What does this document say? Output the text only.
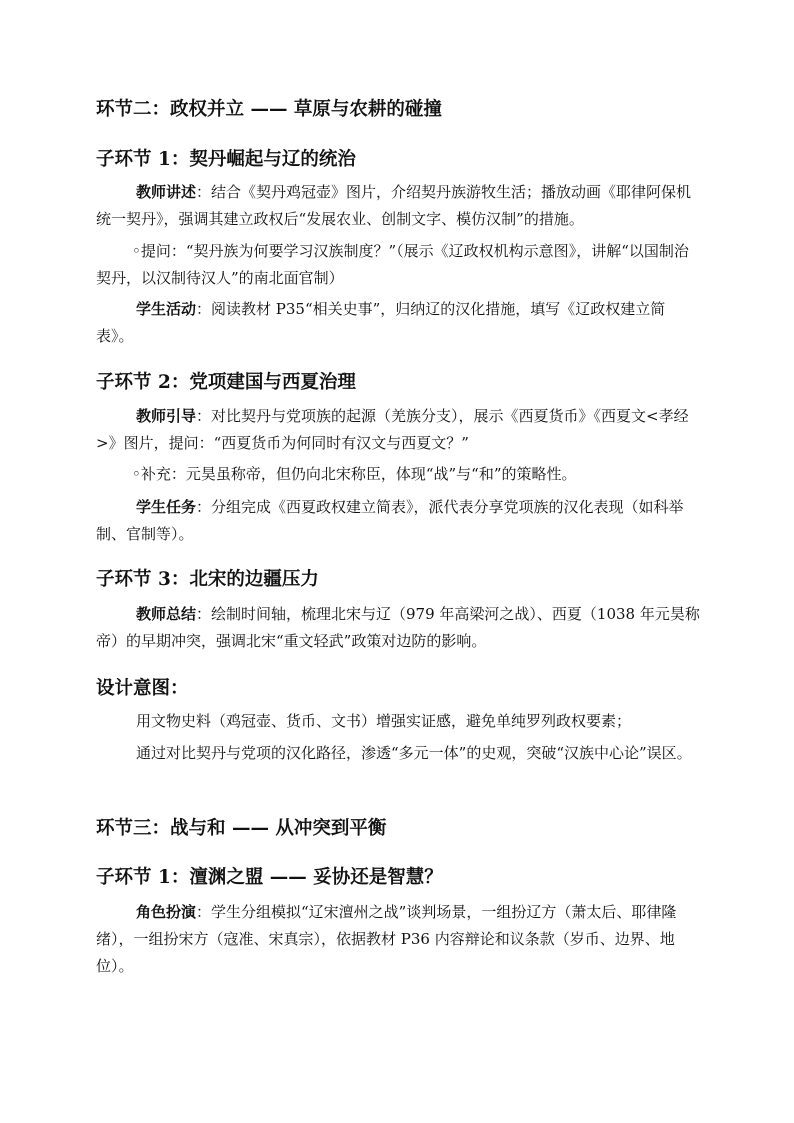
环节二：政权并立 —— 草原与农耕的碰撞
子环节 1：契丹崛起与辽的统治

教师讲述：结合《契丹鸡冠壶》图片，介绍契丹族游牧生活；播放动画《耶律阿保机统一契丹》，强调其建立政权后“发展农业、创制文字、模仿汉制”的措施。

◦提问：“契丹族为何要学习汉族制度？”（展示《辽政权机构示意图》，讲解“以国制治契丹，以汉制待汉人”的南北面官制）

学生活动：阅读教材 P35“相关史事”，归纳辽的汉化措施，填写《辽政权建立简表》。

子环节 2：党项建国与西夏治理

教师引导：对比契丹与党项族的起源（羌族分支），展示《西夏货币》《西夏文<孝经>》图片，提问：“西夏货币为何同时有汉文与西夏文？”

◦补充：元昊虽称帝，但仍向北宋称臣，体现“战”与“和”的策略性。

学生任务：分组完成《西夏政权建立简表》，派代表分享党项族的汉化表现（如科举制、官制等）。

子环节 3：北宋的边疆压力

教师总结：绘制时间轴，梳理北宋与辽（979 年高梁河之战）、西夏（1038 年元昊称帝）的早期冲突，强调北宋“重文轻武”政策对边防的影响。

设计意图：

用文物史料（鸡冠壶、货币、文书）增强实证感，避免单纯罗列政权要素；

通过对比契丹与党项的汉化路径，渗透“多元一体”的史观，突破“汉族中心论”误区。

环节三：战与和 —— 从冲突到平衡
子环节 1：澶渊之盟 —— 妥协还是智慧？

角色扮演：学生分组模拟“辽宋澶州之战”谈判场景，一组扮辽方（萧太后、耶律隆绪），一组扮宋方（寇准、宋真宗），依据教材 P36 内容辩论和议条款（岁币、边界、地位）。
